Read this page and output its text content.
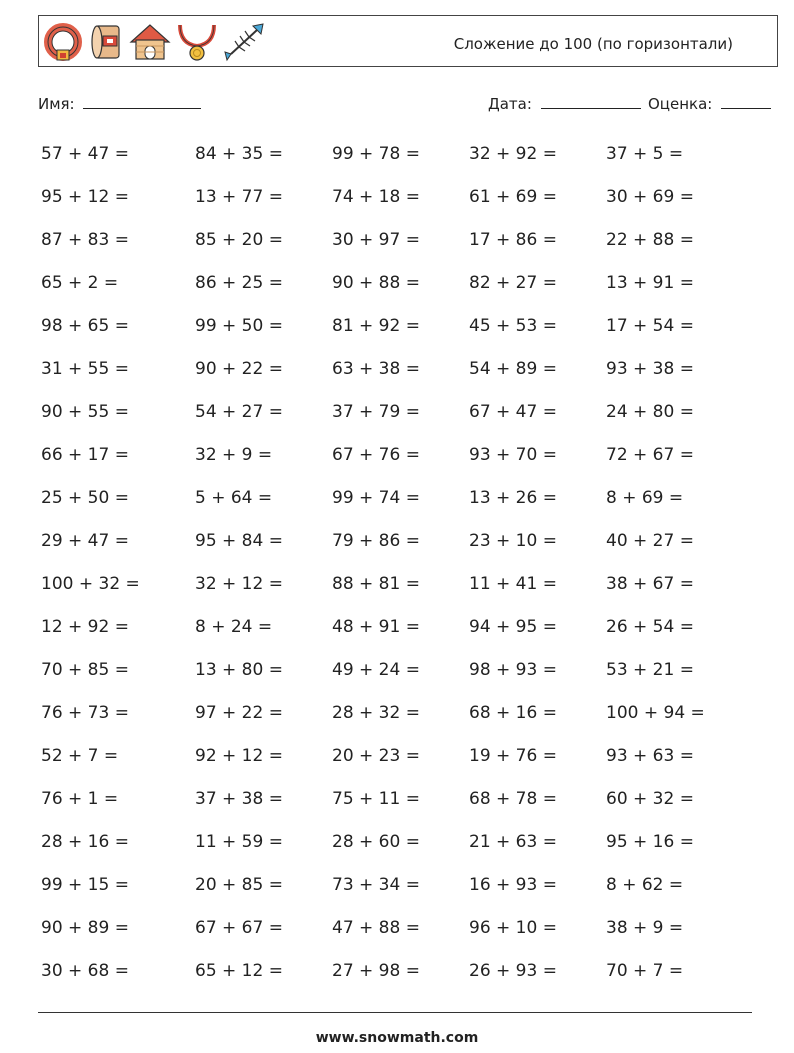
Сложение до 100 (по горизонтали)
Имя:	Дата:	Оценка:
57 + 47 =	84 + 35 =	99 + 78 =	32 + 92 =	37 + 5 =
95 + 12 =	13 + 77 =	74 + 18 =	61 + 69 =	30 + 69 =
87 + 83 =	85 + 20 =	30 + 97 =	17 + 86 =	22 + 88 =
65 + 2 =	86 + 25 =	90 + 88 =	82 + 27 =	13 + 91 =
98 + 65 =	99 + 50 =	81 + 92 =	45 + 53 =	17 + 54 =
31 + 55 =	90 + 22 =	63 + 38 =	54 + 89 =	93 + 38 =
90 + 55 =	54 + 27 =	37 + 79 =	67 + 47 =	24 + 80 =
66 + 17 =	32 + 9 =	67 + 76 =	93 + 70 =	72 + 67 =
25 + 50 =	5 + 64 =	99 + 74 =	13 + 26 =	8 + 69 =
29 + 47 =	95 + 84 =	79 + 86 =	23 + 10 =	40 + 27 =
100 + 32 =	32 + 12 =	88 + 81 =	11 + 41 =	38 + 67 =
12 + 92 =	8 + 24 =	48 + 91 =	94 + 95 =	26 + 54 =
70 + 85 =	13 + 80 =	49 + 24 =	98 + 93 =	53 + 21 =
76 + 73 =	97 + 22 =	28 + 32 =	68 + 16 =	100 + 94 =
52 + 7 =	92 + 12 =	20 + 23 =	19 + 76 =	93 + 63 =
76 + 1 =	37 + 38 =	75 + 11 =	68 + 78 =	60 + 32 =
28 + 16 =	11 + 59 =	28 + 60 =	21 + 63 =	95 + 16 =
99 + 15 =	20 + 85 =	73 + 34 =	16 + 93 =	8 + 62 =
90 + 89 =	67 + 67 =	47 + 88 =	96 + 10 =	38 + 9 =
30 + 68 =	65 + 12 =	27 + 98 =	26 + 93 =	70 + 7 =
www.snowmath.com
